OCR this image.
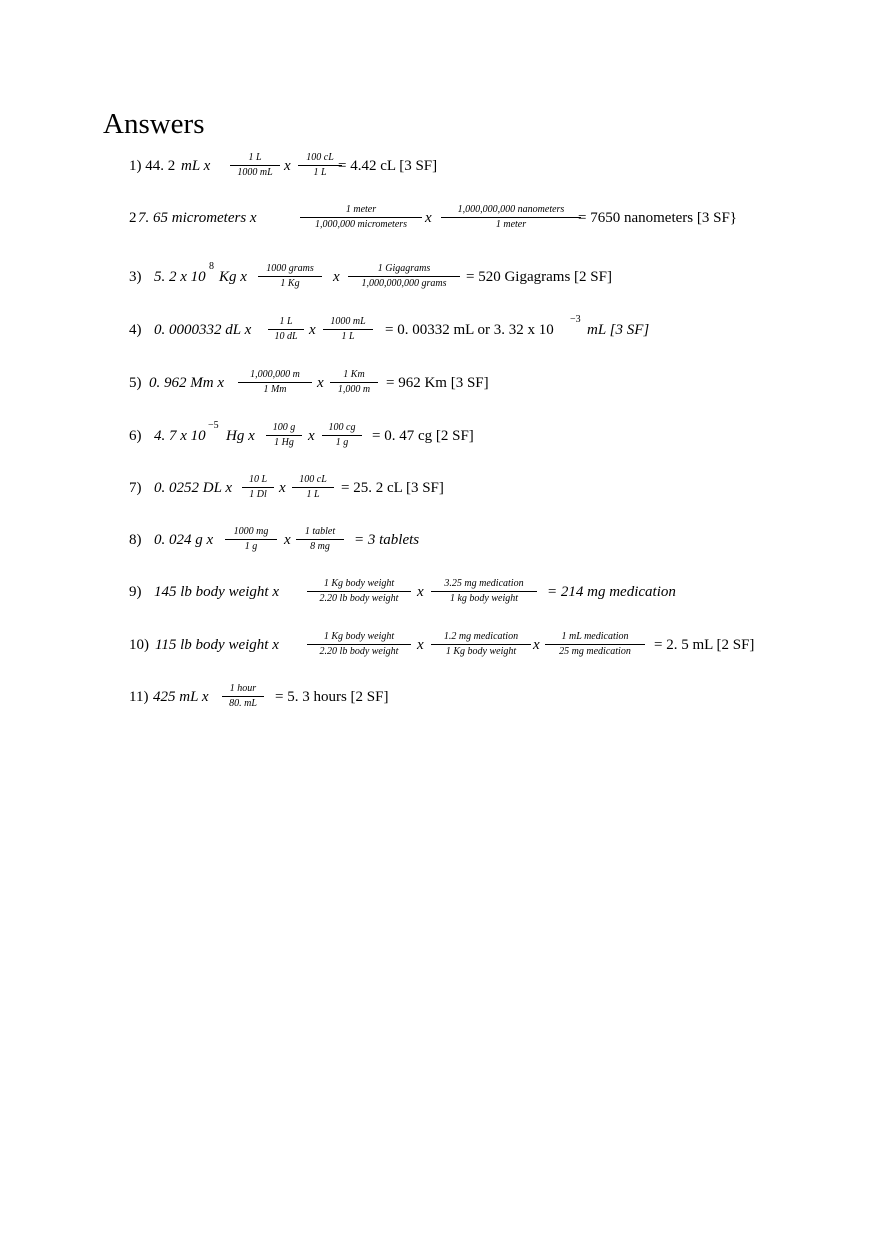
Answers
1) 44. 2 mL x
1 L
1000 mL x
100 cL
1 L = 4.42 cL [3 SF]
2 7. 65 micrometers x
1 meter
1,000,000 micrometers	x
1,000,000,000 nanometers
1 meter	= 7650 nanometers [3 SF}
3) 5. 2 x 10
8
Kg x
1000 grams
1 Kg	x
1 Gigagrams
1,000,000,000 grams	= 520 Gigagrams [2 SF]
4) 0. 0000332 dL x
1 L
10 dL x
1000 mL
1 L	= 0. 00332 mL or 3. 32 x 10
−3
mL [3 SF]
5) 0. 962 Mm x
1,000,000 m
1 Mm	x
1 Km
1,000 m	= 962 Km [3 SF]
6) 4. 7 x 10
−5
Hg x
100 g
1 Hg x
100 cg
1 g	= 0. 47 cg [2 SF]
7) 0. 0252 DL x
10 L
1 Dl x
100 cL
1 L	= 25. 2 cL [3 SF]
8) 0. 024 g x
1000 mg
1 g	x
1 tablet
8 mg	= 3 tablets
9) 145 lb body weight x
1 Kg body weight
2.20 lb body weight	x
3.25 mg medication
1 kg body weight	= 214 mg medication
10) 115 lb body weight x
1 Kg body weight
2.20 lb body weight	x
1.2 mg medication
1 Kg body weight	x
1 mL medication
25 mg medication	= 2. 5 mL [2 SF]
11) 425 mL x
1 hour
80. mL	= 5. 3 hours [2 SF]
